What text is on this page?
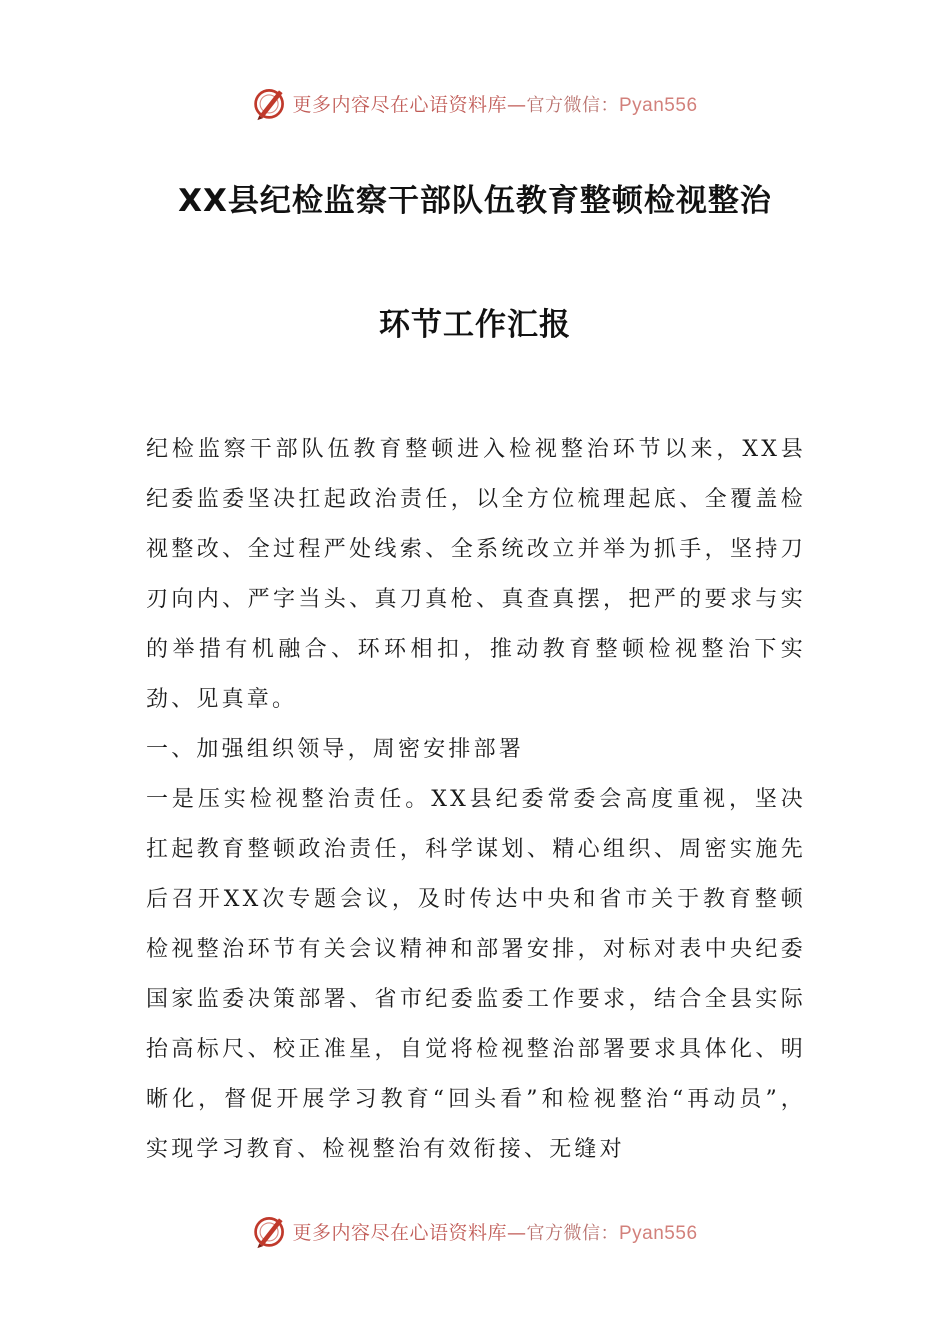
更多内容尽在心语资料库—官方微信：Pyan556
XX县纪检监察干部队伍教育整顿检视整治
环节工作汇报

纪检监察干部队伍教育整顿进入检视整治环节以来，XX县纪委监委坚决扛起政治责任，以全方位梳理起底、全覆盖检视整改、全过程严处线索、全系统改立并举为抓手，坚持刀刃向内、严字当头、真刀真枪、真查真摆，把严的要求与实的举措有机融合、环环相扣，推动教育整顿检视整治下实劲、见真章。

一、加强组织领导，周密安排部署

一是压实检视整治责任。XX县纪委常委会高度重视，坚决扛起教育整顿政治责任，科学谋划、精心组织、周密实施先后召开XX次专题会议，及时传达中央和省市关于教育整顿检视整治环节有关会议精神和部署安排，对标对表中央纪委国家监委决策部署、省市纪委监委工作要求，结合全县实际抬高标尺、校正准星，自觉将检视整治部署要求具体化、明晰化，督促开展学习教育“回头看”和检视整治“再动员”，实现学习教育、检视整治有效衔接、无缝对

更多内容尽在心语资料库—官方微信：Pyan556
